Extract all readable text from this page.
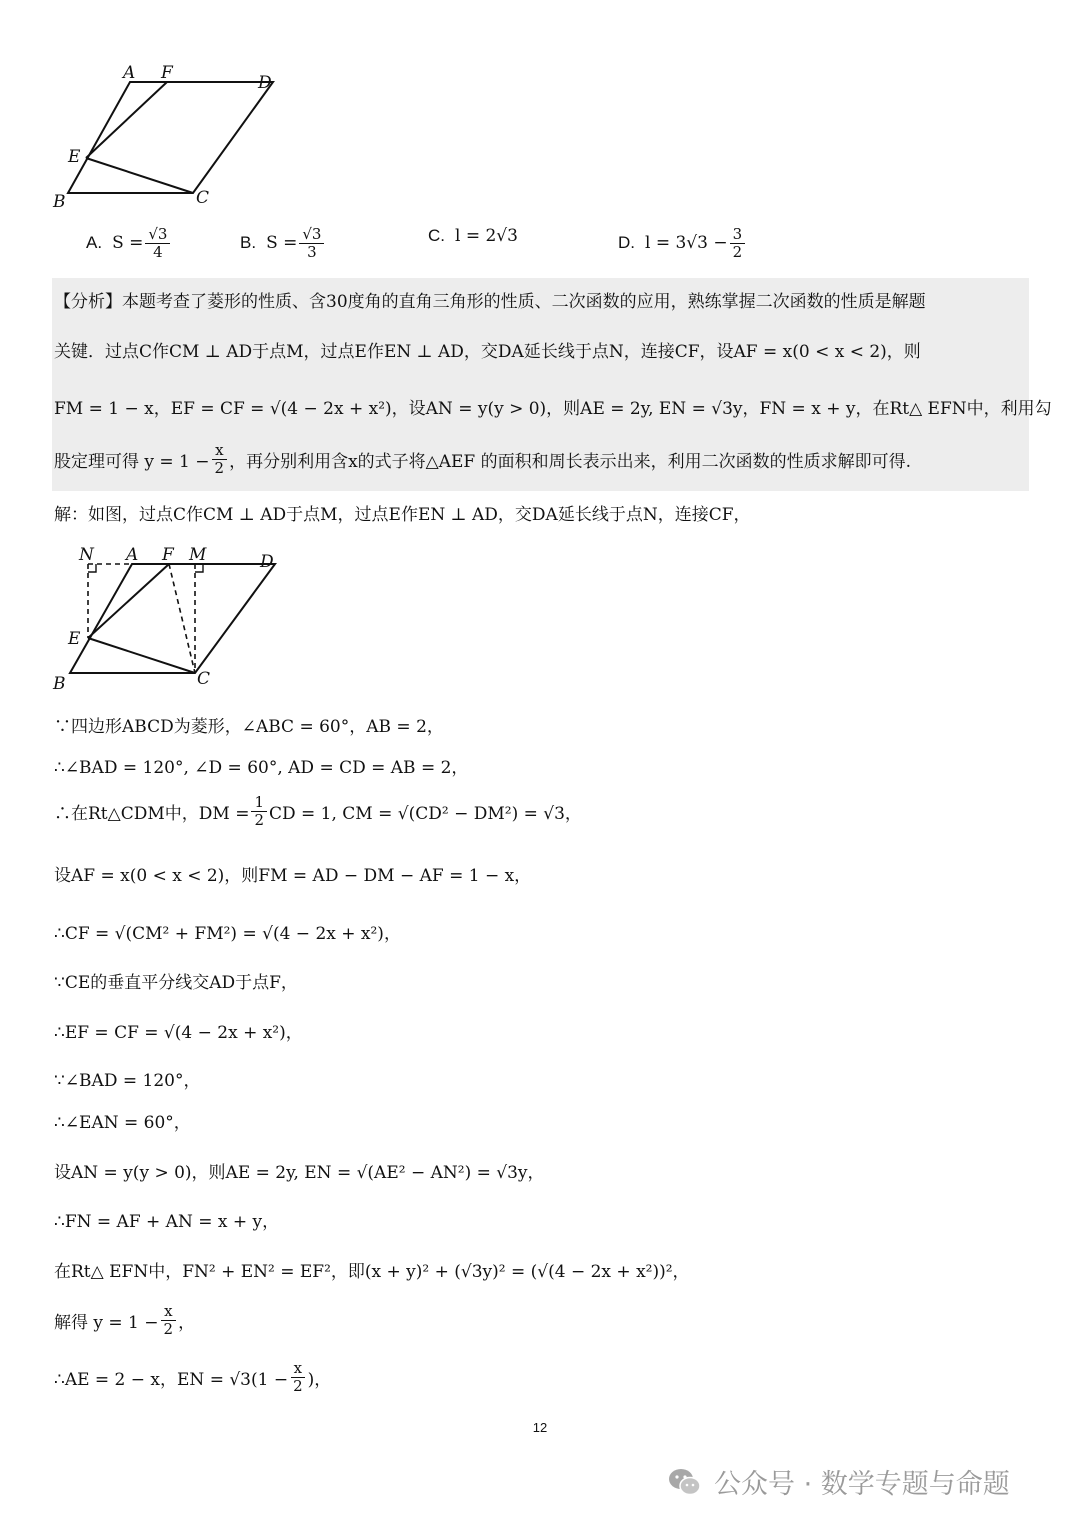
A F	D
E
B	C
A. $S = \frac{√3}{4}$	B. $S = \frac{√3}{3}$	C. l = 2√3	D. $l = 3√3 - \frac{3}{2}$
【分析】本题考查了菱形的性质、含30度角的直角三角形的性质、二次函数的应用，熟练掌握二次函数的性质是解题
关键．过点C作CM ⊥ AD于点M，过点E作EN ⊥ AD，交DA延长线于点N，连接CF，设AF = x(0 < x < 2)，则
FM = 1 − x，EF = CF = √(4 − 2x + x²)，设AN = y(y > 0)，则AE = 2y, EN = √3y，FN = x + y，在Rt△ EFN中，利用勾
股定理可得 $y = 1 - \frac{x}{2}$ ，再分别利用含x的式子将△AEF 的面积和周长表示出来，利用二次函数的性质求解即可得.
解：如图，过点C作CM ⊥ AD于点M，过点E作EN ⊥ AD，交DA延长线于点N，连接CF，
N A F M	D
E
B	C
∵四边形ABCD为菱形，∠ABC = 60°，AB = 2，
∴∠BAD = 120°, ∠D = 60°, AD = CD = AB = 2，
∴在Rt△CDM中，DM = $\frac{1}{2}$ CD = 1, CM = √(CD² − DM²) = √3，
设AF = x(0 < x < 2)，则FM = AD − DM − AF = 1 − x，
∴CF = √(CM² + FM²) = √(4 − 2x + x²)，
∵CE的垂直平分线交AD于点F，
∴EF = CF = √(4 − 2x + x²)，
∵∠BAD = 120°，
∴∠EAN = 60°，
设AN = y(y > 0)，则AE = 2y, EN = √(AE² − AN²) = √3y，
∴FN = AF + AN = x + y，
在Rt△ EFN中，FN² + EN² = EF²，即(x + y)² + (√3y)² = (√(4 − 2x + x²))²，
解得 $y = 1 - \frac{x}{2}$ ，
∴AE = 2 − x，EN = $√3(1 - \frac{x}{2}$ )，
12
公众号 · 数学专题与命题
